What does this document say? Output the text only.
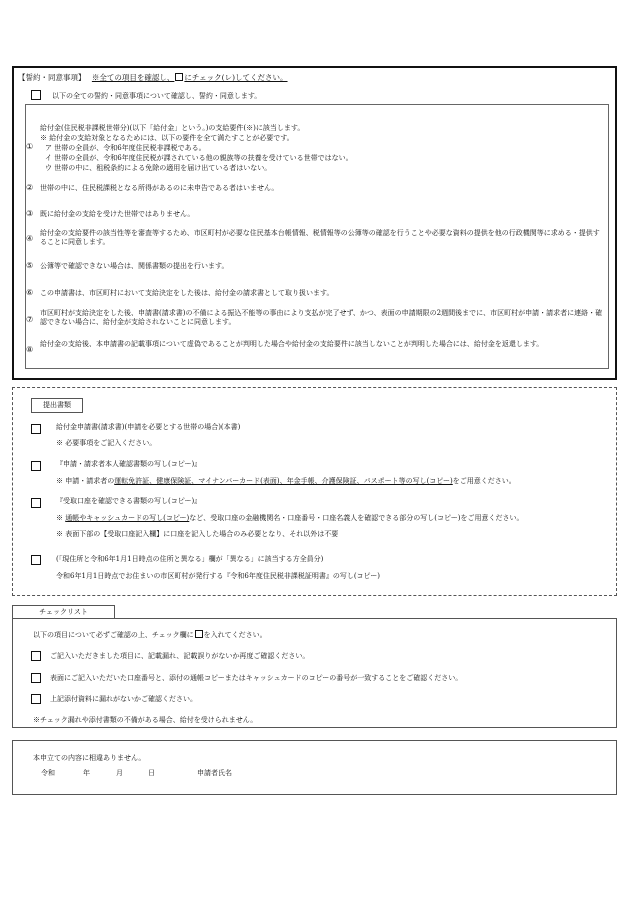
【誓約・同意事項】 ※全ての項目を確認し、 にチェック(レ)してください。
以下の全ての誓約・同意事項について確認し、誓約・同意します。
給付金(住民税非課税世帯分)(以下「給付金」という。)の支給要件(※)に該当します。
※ 給付金の支給対象となるためには、以下の要件を全て満たすことが必要です。
① ア 世帯の全員が、令和6年度住民税非課税である。
イ 世帯の全員が、令和6年度住民税が課されている他の親族等の扶養を受けている世帯ではない。
ウ 世帯の中に、租税条約による免除の適用を届け出ている者はいない。
② 世帯の中に、住民税課税となる所得があるのに未申告である者はいません。
③ 既に給付金の支給を受けた世帯ではありません。
④
給付金の支給要件の該当性等を審査等するため、市区町村が必要な住民基本台帳情報、税情報等の公簿等の確認を行うことや必要な資料の提供を他の行政機関等に求める・提供することに同意します。
⑤ 公簿等で確認できない場合は、関係書類の提出を行います。
⑥ この申請書は、市区町村において支給決定をした後は、給付金の請求書として取り扱います。
⑦
市区町村が支給決定をした後、申請書(請求書)の不備による振込不能等の事由により支払が完了せず、かつ、表面の申請期限の2週間後までに、市区町村が申請・請求者に連絡・確認できない場合に、給付金が支給されないことに同意します。
⑧
給付金の支給後、本申請書の記載事項について虚偽であることが判明した場合や給付金の支給要件に該当しないことが判明した場合には、給付金を返還します。
提出書類
給付金申請書(請求書)(申請を必要とする世帯の場合)(本書)
※ 必要事項をご記入ください。
『申請・請求者本人確認書類の写し(コピー)』
※ 申請・請求者の運転免許証、健康保険証、マイナンバーカード(表面)、年金手帳、介護保険証、パスポート等の写し(コピー)をご用意ください。
『受取口座を確認できる書類の写し(コピー)』
※ 通帳やキャッシュカードの写し(コピー)など、受取口座の金融機関名・口座番号・口座名義人を確認できる部分の写し(コピー)をご用意ください。
※ 表面下部の【受取口座記入欄】に口座を記入した場合のみ必要となり、それ以外は不要
(「現住所と令和6年1月1日時点の住所と異なる」欄が「異なる」に該当する方全員分)
令和6年1月1日時点でお住まいの市区町村が発行する『令和6年度住民税非課税証明書』の写し(コピー)
チェックリスト
以下の項目について必ずご確認の上、チェック欄に を入れてください。
ご記入いただきました項目に、記載漏れ、記載誤りがないか再度ご確認ください。
表面にご記入いただいた口座番号と、添付の通帳コピーまたはキャッシュカードのコピーの番号が一致することをご確認ください。
上記添付資料に漏れがないかご確認ください。
※チェック漏れや添付書類の不備がある場合、給付を受けられません。
本申立ての内容に相違ありません。
令和	年	月	日	申請者氏名
